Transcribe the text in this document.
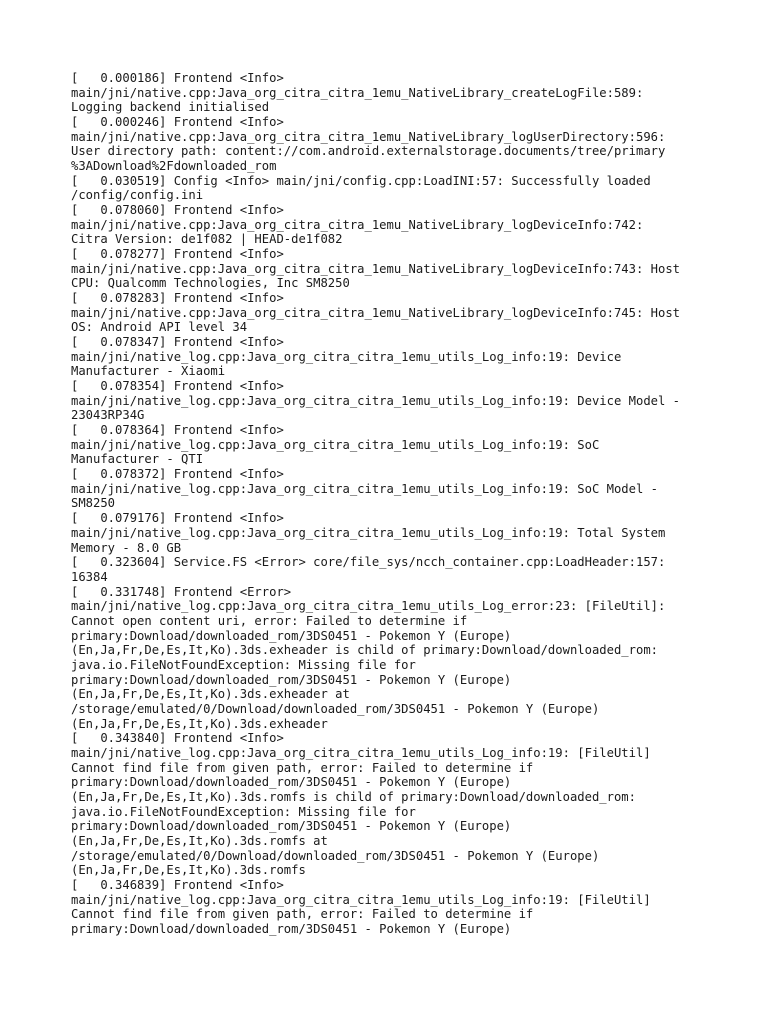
[   0.000186] Frontend <Info>
main/jni/native.cpp:Java_org_citra_citra_1emu_NativeLibrary_createLogFile:589:
Logging backend initialised
[   0.000246] Frontend <Info>
main/jni/native.cpp:Java_org_citra_citra_1emu_NativeLibrary_logUserDirectory:596:
User directory path: content://com.android.externalstorage.documents/tree/primary
%3ADownload%2Fdownloaded_rom
[   0.030519] Config <Info> main/jni/config.cpp:LoadINI:57: Successfully loaded
/config/config.ini
[   0.078060] Frontend <Info>
main/jni/native.cpp:Java_org_citra_citra_1emu_NativeLibrary_logDeviceInfo:742:
Citra Version: de1f082 | HEAD-de1f082
[   0.078277] Frontend <Info>
main/jni/native.cpp:Java_org_citra_citra_1emu_NativeLibrary_logDeviceInfo:743: Host
CPU: Qualcomm Technologies, Inc SM8250
[   0.078283] Frontend <Info>
main/jni/native.cpp:Java_org_citra_citra_1emu_NativeLibrary_logDeviceInfo:745: Host
OS: Android API level 34
[   0.078347] Frontend <Info>
main/jni/native_log.cpp:Java_org_citra_citra_1emu_utils_Log_info:19: Device
Manufacturer - Xiaomi
[   0.078354] Frontend <Info>
main/jni/native_log.cpp:Java_org_citra_citra_1emu_utils_Log_info:19: Device Model -
23043RP34G
[   0.078364] Frontend <Info>
main/jni/native_log.cpp:Java_org_citra_citra_1emu_utils_Log_info:19: SoC
Manufacturer - QTI
[   0.078372] Frontend <Info>
main/jni/native_log.cpp:Java_org_citra_citra_1emu_utils_Log_info:19: SoC Model -
SM8250
[   0.079176] Frontend <Info>
main/jni/native_log.cpp:Java_org_citra_citra_1emu_utils_Log_info:19: Total System
Memory - 8.0 GB
[   0.323604] Service.FS <Error> core/file_sys/ncch_container.cpp:LoadHeader:157:
16384
[   0.331748] Frontend <Error>
main/jni/native_log.cpp:Java_org_citra_citra_1emu_utils_Log_error:23: [FileUtil]:
Cannot open content uri, error: Failed to determine if
primary:Download/downloaded_rom/3DS0451 - Pokemon Y (Europe)
(En,Ja,Fr,De,Es,It,Ko).3ds.exheader is child of primary:Download/downloaded_rom:
java.io.FileNotFoundException: Missing file for
primary:Download/downloaded_rom/3DS0451 - Pokemon Y (Europe)
(En,Ja,Fr,De,Es,It,Ko).3ds.exheader at
/storage/emulated/0/Download/downloaded_rom/3DS0451 - Pokemon Y (Europe)
(En,Ja,Fr,De,Es,It,Ko).3ds.exheader
[   0.343840] Frontend <Info>
main/jni/native_log.cpp:Java_org_citra_citra_1emu_utils_Log_info:19: [FileUtil]
Cannot find file from given path, error: Failed to determine if
primary:Download/downloaded_rom/3DS0451 - Pokemon Y (Europe)
(En,Ja,Fr,De,Es,It,Ko).3ds.romfs is child of primary:Download/downloaded_rom:
java.io.FileNotFoundException: Missing file for
primary:Download/downloaded_rom/3DS0451 - Pokemon Y (Europe)
(En,Ja,Fr,De,Es,It,Ko).3ds.romfs at
/storage/emulated/0/Download/downloaded_rom/3DS0451 - Pokemon Y (Europe)
(En,Ja,Fr,De,Es,It,Ko).3ds.romfs
[   0.346839] Frontend <Info>
main/jni/native_log.cpp:Java_org_citra_citra_1emu_utils_Log_info:19: [FileUtil]
Cannot find file from given path, error: Failed to determine if
primary:Download/downloaded_rom/3DS0451 - Pokemon Y (Europe)
